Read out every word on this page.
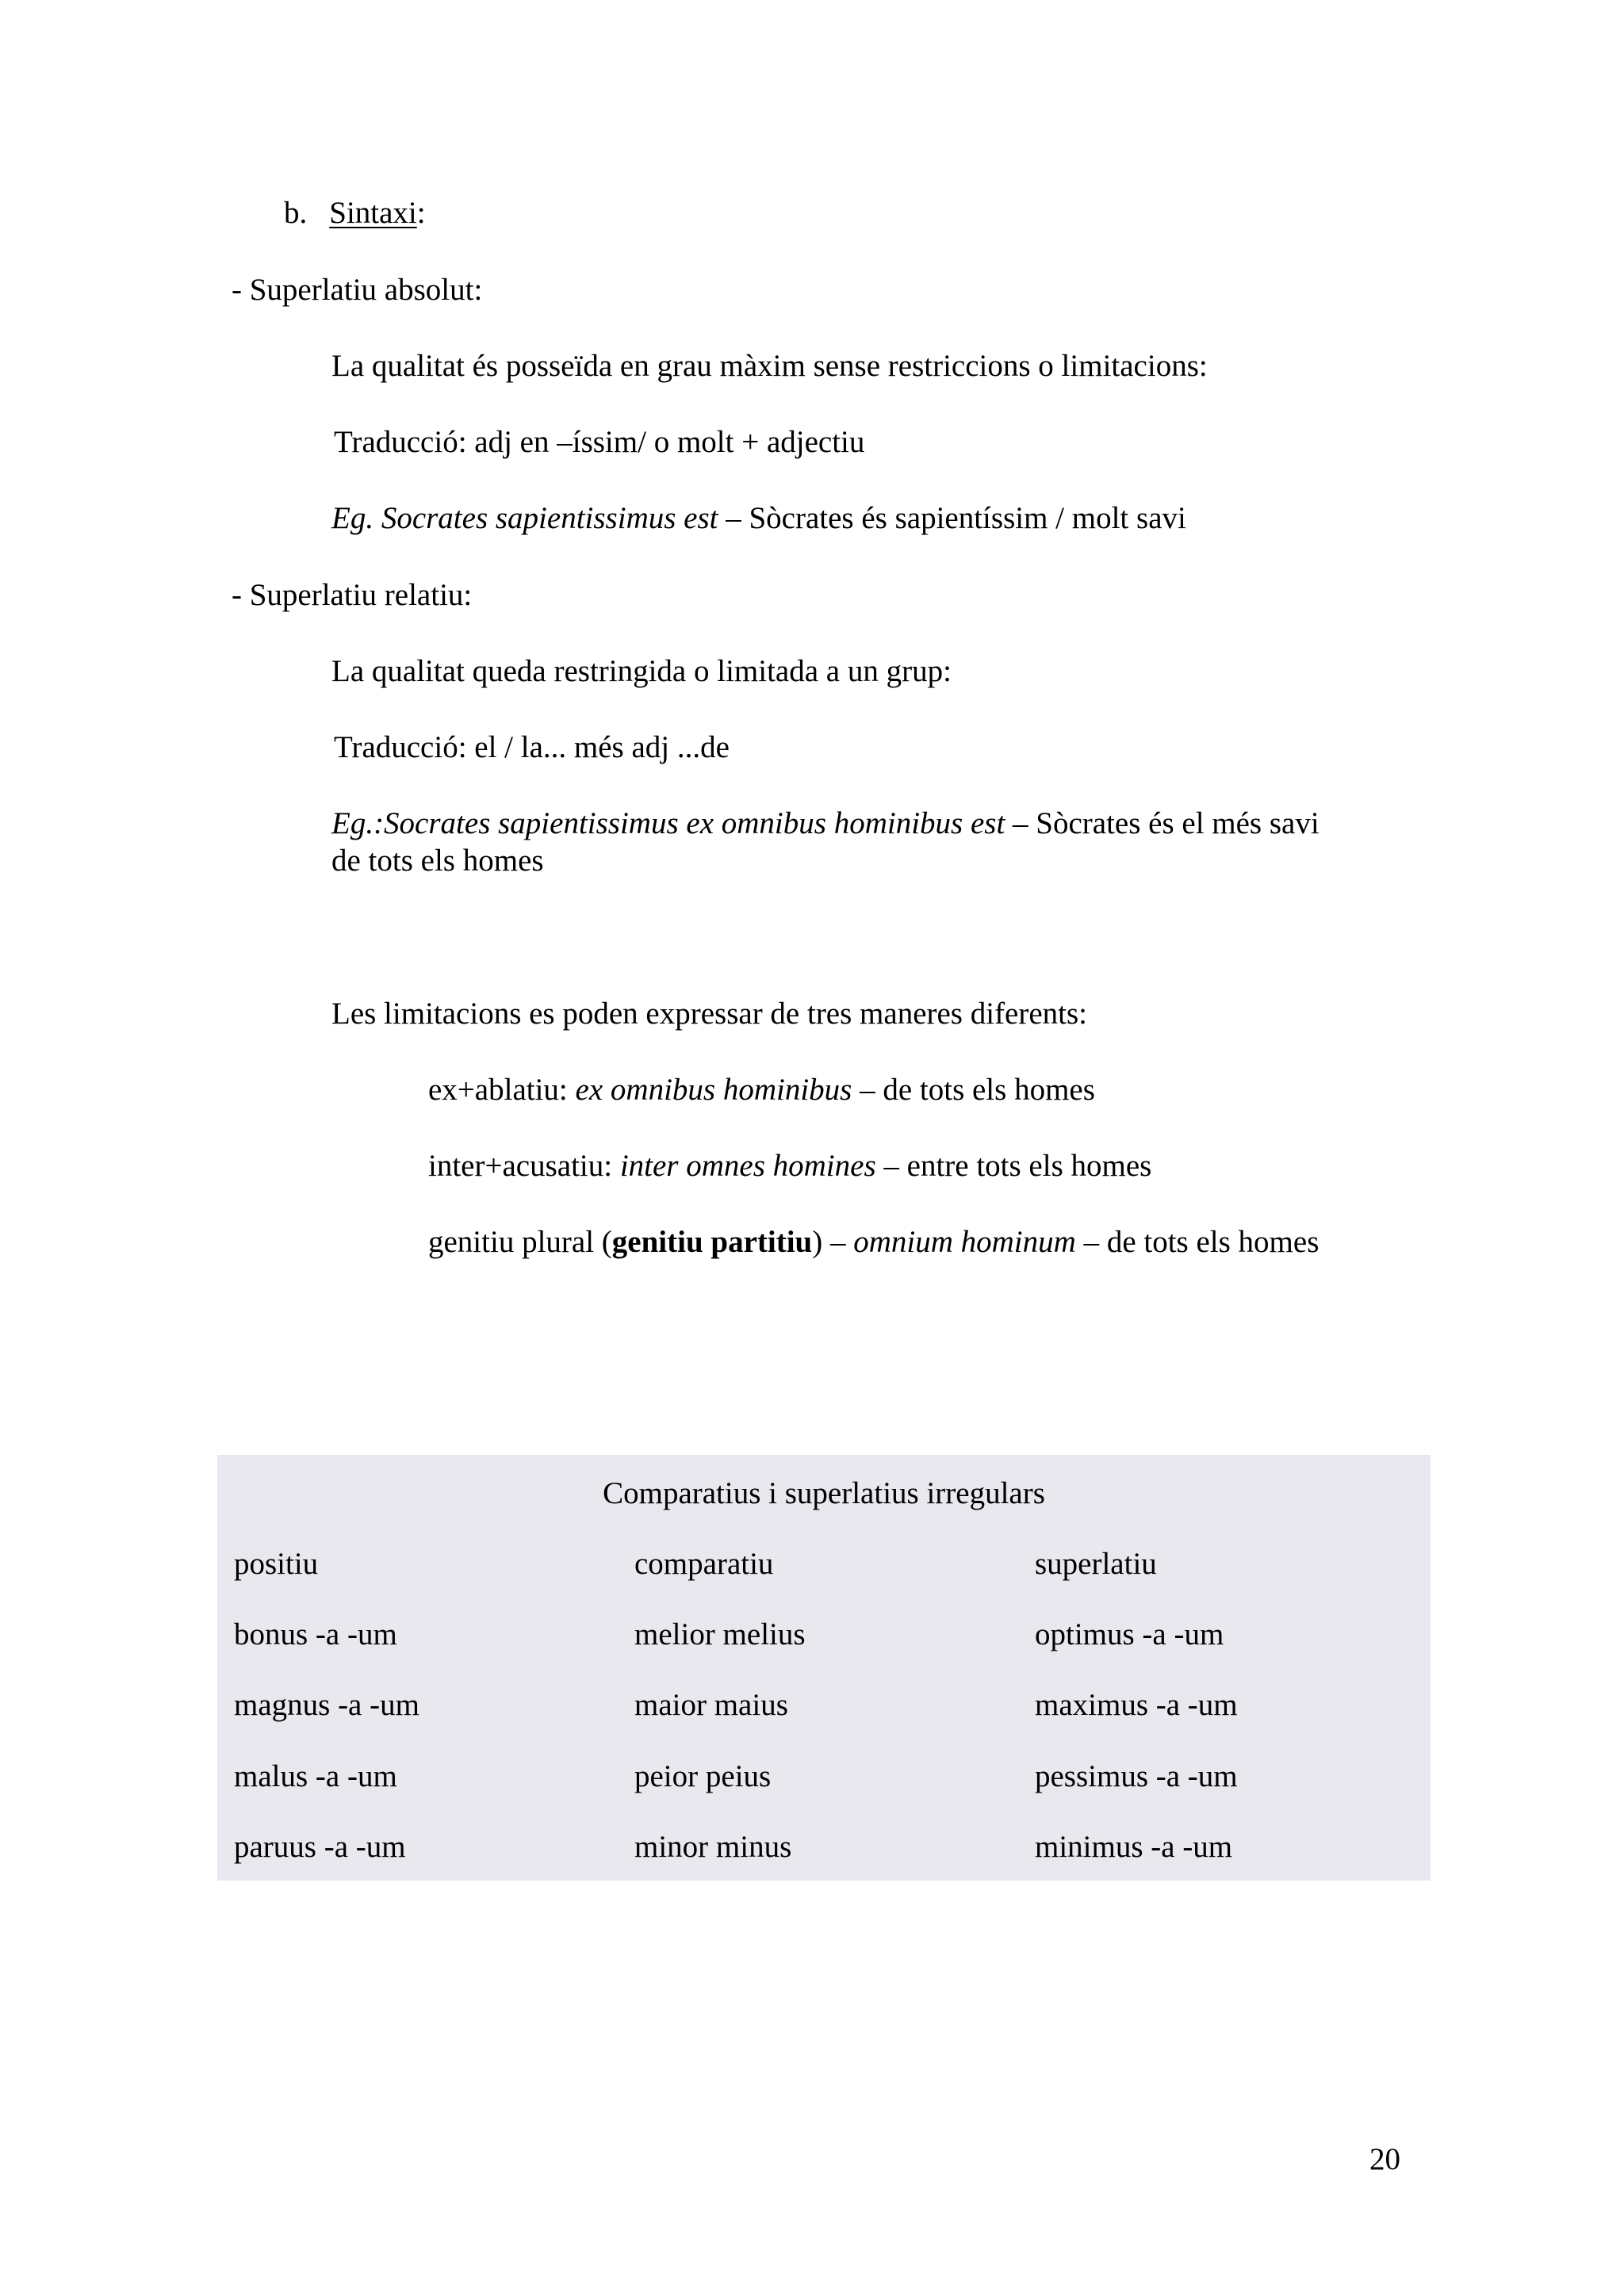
b. Sintaxi:
- Superlatiu absolut:
La qualitat és posseïda en grau màxim sense restriccions o limitacions:
Traducció: adj en –íssim/ o molt + adjectiu
Eg. Socrates sapientissimus est – Sòcrates és sapientíssim / molt savi
- Superlatiu relatiu:
La qualitat queda restringida o limitada a un grup:
Traducció: el / la... més adj ...de
Eg.:Socrates sapientissimus ex omnibus hominibus est – Sòcrates és el més savi
de tots els homes
Les limitacions es poden expressar de tres maneres diferents:
ex+ablatiu: ex omnibus hominibus – de tots els homes
inter+acusatiu: inter omnes homines – entre tots els homes
genitiu plural (genitiu partitiu) – omnium hominum – de tots els homes
Comparatius i superlatius irregulars
positiu	comparatiu	superlatiu
bonus -a -um	melior melius	optimus -a -um
magnus -a -um	maior maius	maximus -a -um
malus -a -um	peior peius	pessimus -a -um
paruus -a -um	minor minus	minimus -a -um
20
